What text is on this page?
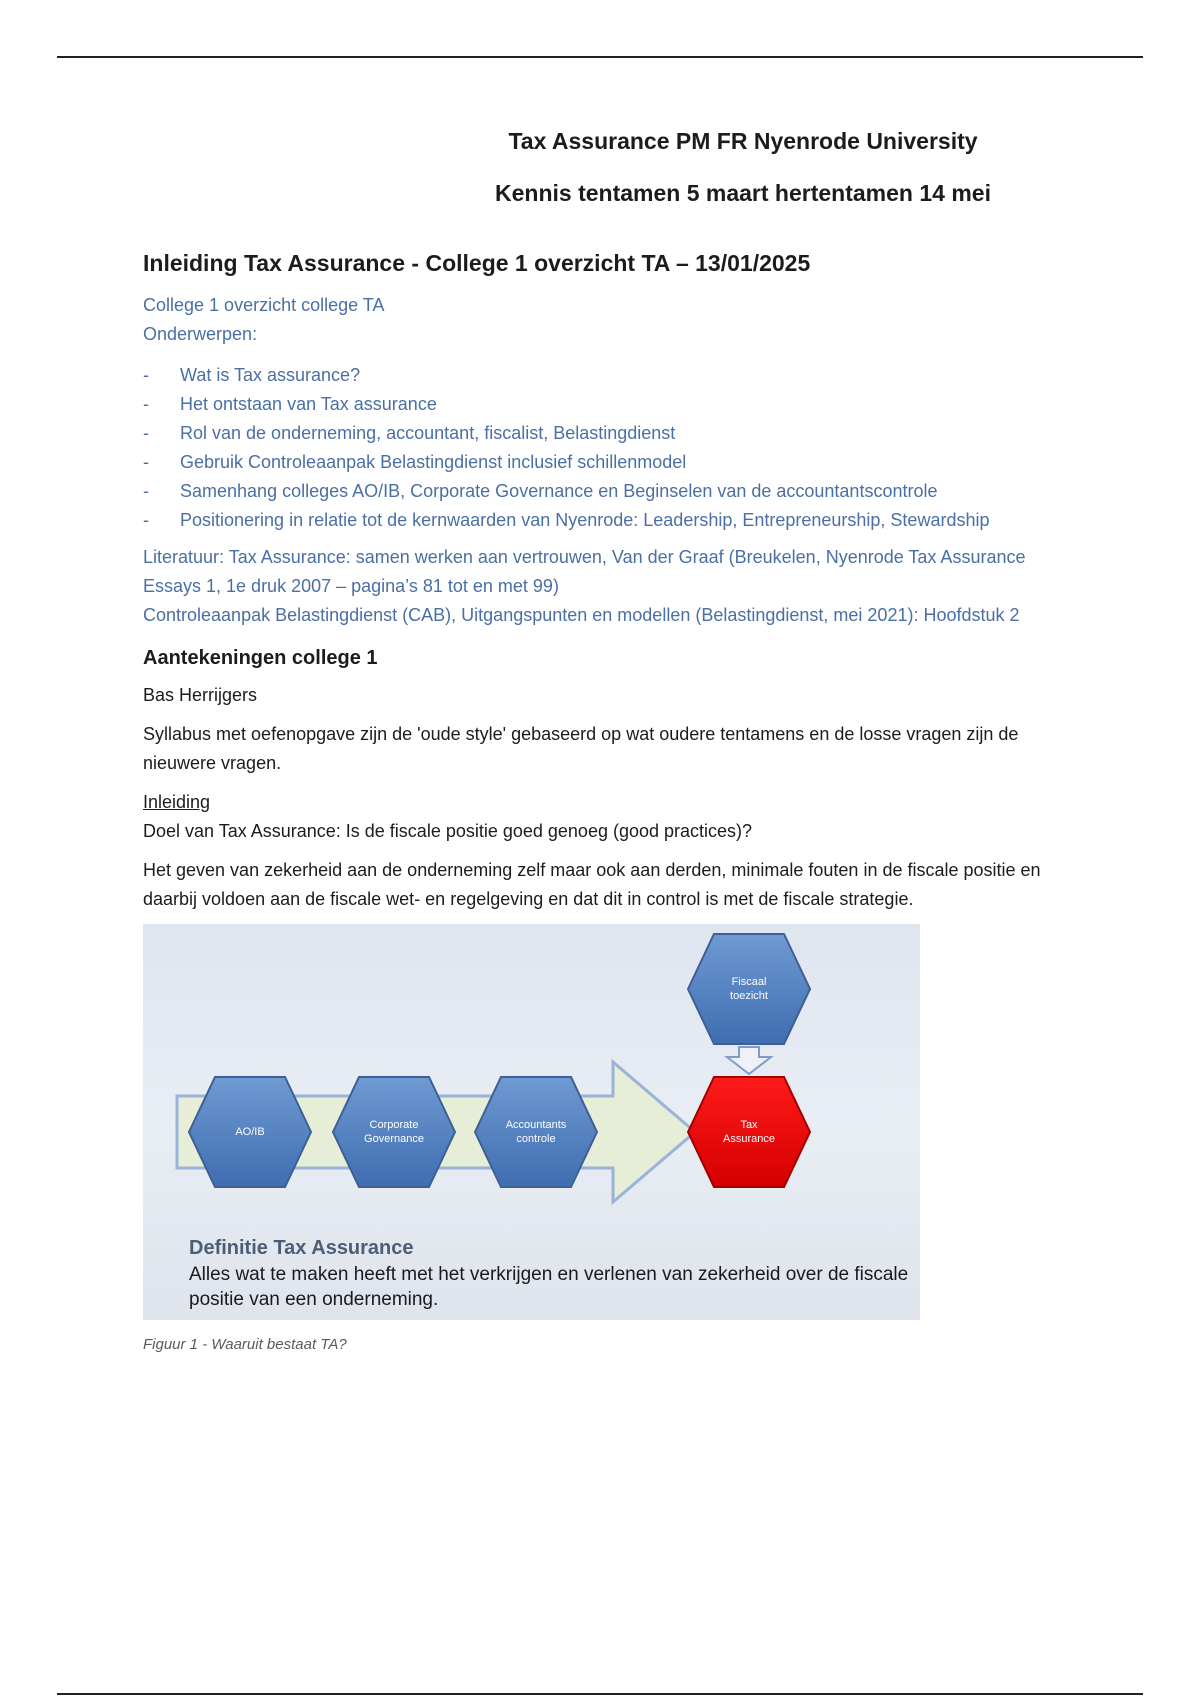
Tax Assurance PM FR Nyenrode University
Kennis tentamen 5 maart hertentamen 14 mei
Inleiding Tax Assurance - College 1 overzicht TA – 13/01/2025

College 1 overzicht college TA

Onderwerpen:

- Wat is Tax assurance?
- Het ontstaan van Tax assurance
- Rol van de onderneming, accountant, fiscalist, Belastingdienst
- Gebruik Controleaanpak Belastingdienst inclusief schillenmodel
- Samenhang colleges AO/IB, Corporate Governance en Beginselen van de accountantscontrole
- Positionering in relatie tot de kernwaarden van Nyenrode: Leadership, Entrepreneurship, Stewardship

Literatuur: Tax Assurance: samen werken aan vertrouwen, Van der Graaf (Breukelen, Nyenrode Tax Assurance Essays 1, 1e druk 2007 – pagina’s 81 tot en met 99)

Controleaanpak Belastingdienst (CAB), Uitgangspunten en modellen (Belastingdienst, mei 2021): Hoofdstuk 2

Aantekeningen college 1

Bas Herrijgers

Syllabus met oefenopgave zijn de 'oude style' gebaseerd op wat oudere tentamens en de losse vragen zijn de nieuwere vragen.

Inleiding

Doel van Tax Assurance: Is de fiscale positie goed genoeg (good practices)?

Het geven van zekerheid aan de onderneming zelf maar ook aan derden, minimale fouten in de fiscale positie en daarbij voldoen aan de fiscale wet- en regelgeving en dat dit in control is met de fiscale strategie.

AO/IB
Corporate
Governance
Accountants
controle
Fiscaal
toezicht
Tax
Assurance
Definitie Tax Assurance
Alles wat te maken heeft met het verkrijgen en verlenen van zekerheid over de fiscale positie van een onderneming.
Figuur 1 - Waaruit bestaat TA?
